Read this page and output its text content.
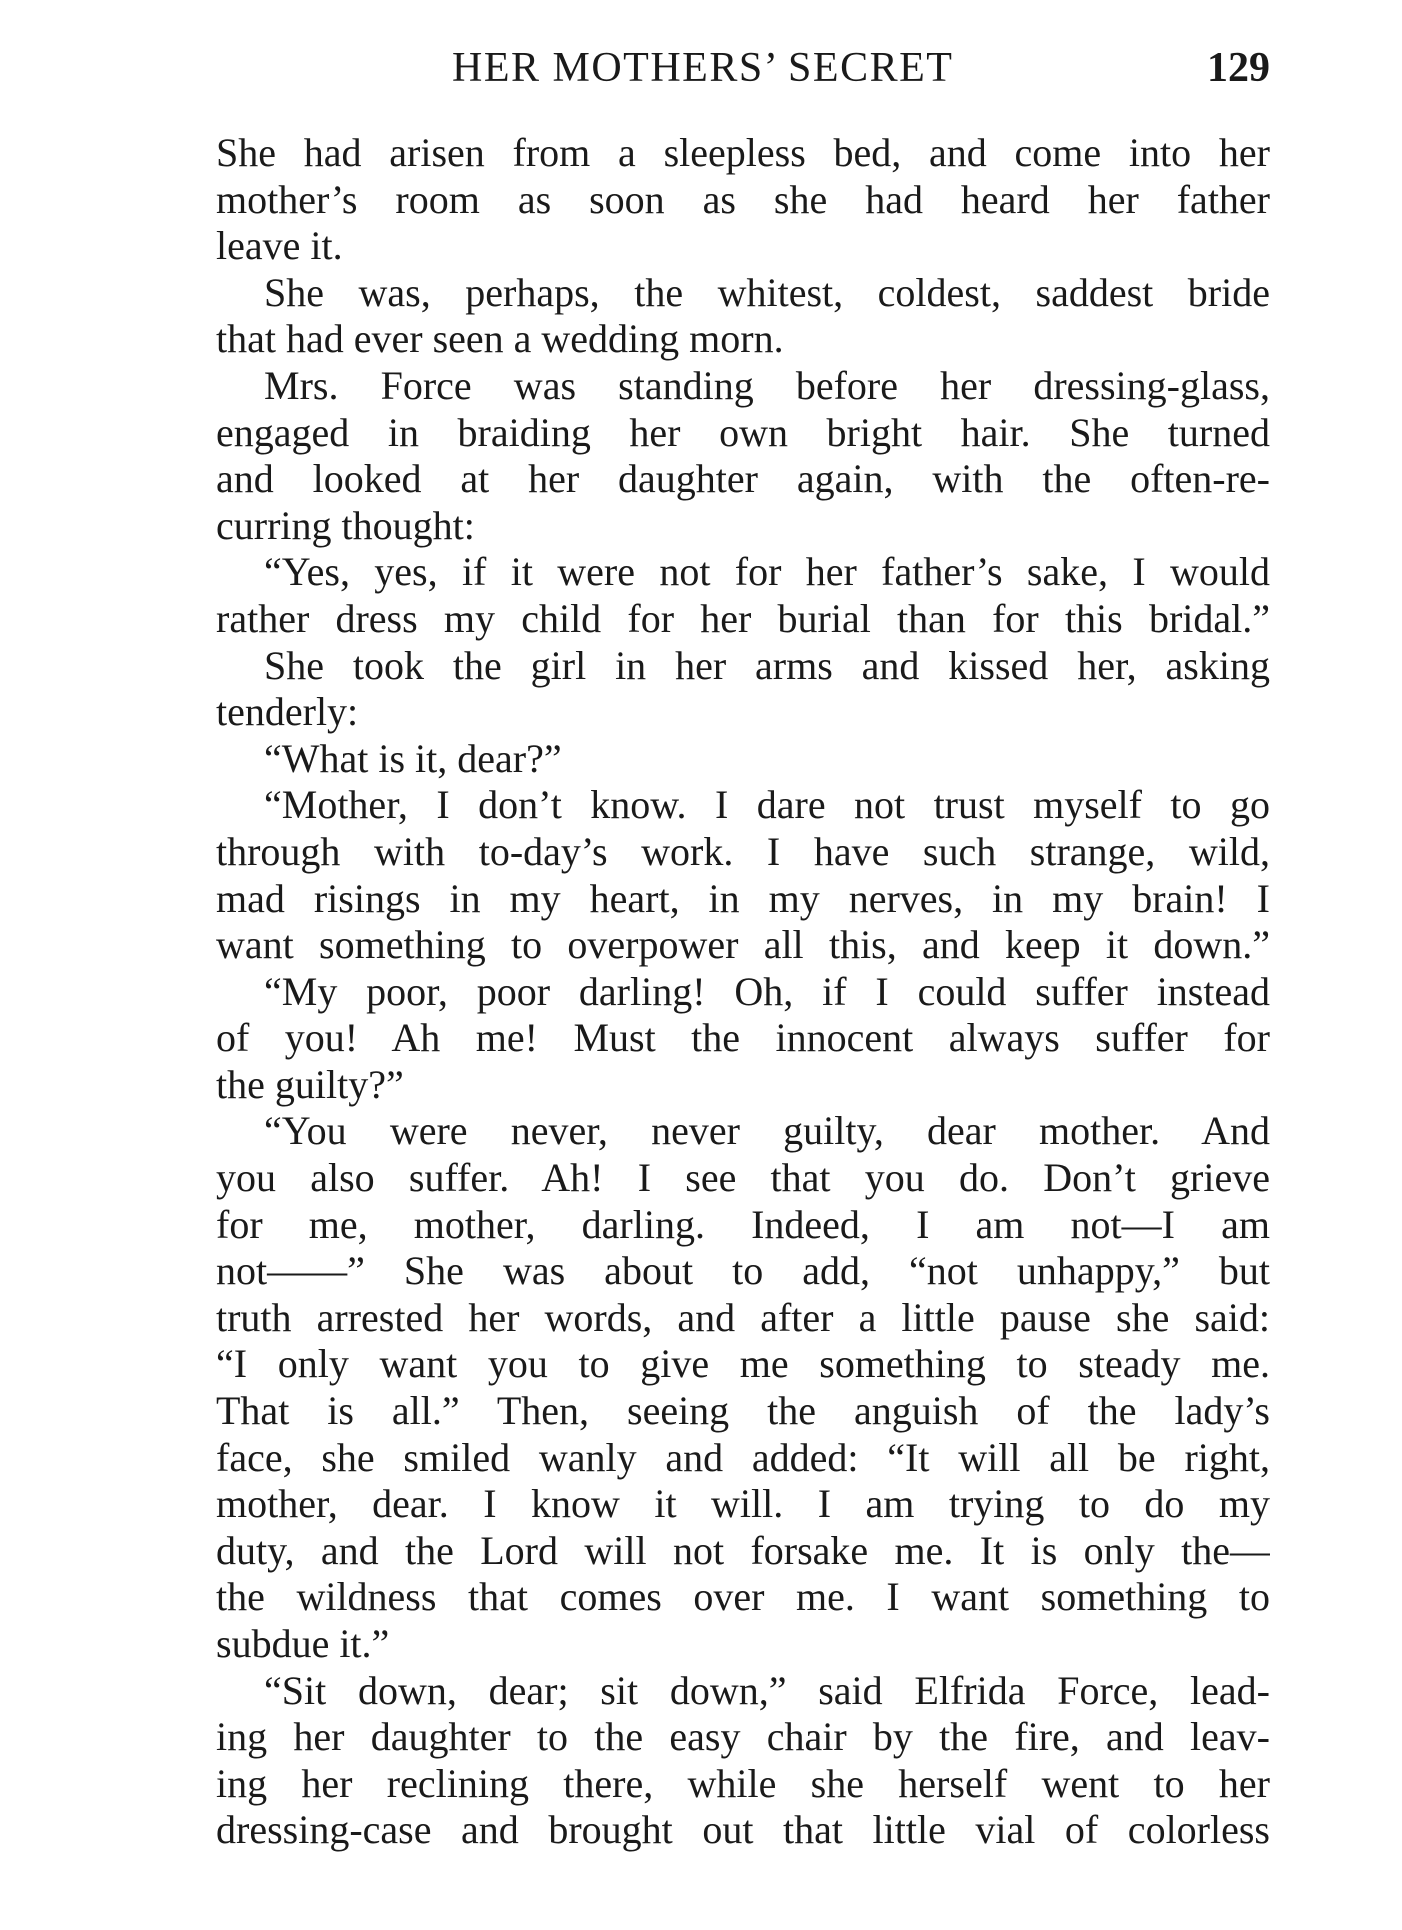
HER MOTHERS’ SECRET	129
She had arisen from a sleepless bed, and come into her
mother’s room as soon as she had heard her father
leave it.
She was, perhaps, the whitest, coldest, saddest bride
that had ever seen a wedding morn.
Mrs. Force was standing before her dressing-glass,
engaged in braiding her own bright hair. She turned
and looked at her daughter again, with the often-re-
curring thought:
“Yes, yes, if it were not for her father’s sake, I would
rather dress my child for her burial than for this bridal.”
She took the girl in her arms and kissed her, asking
tenderly:
“What is it, dear?”
“Mother, I don’t know. I dare not trust myself to go
through with to-day’s work. I have such strange, wild,
mad risings in my heart, in my nerves, in my brain! I
want something to overpower all this, and keep it down.”
“My poor, poor darling! Oh, if I could suffer instead
of you! Ah me! Must the innocent always suffer for
the guilty?”
“You were never, never guilty, dear mother. And
you also suffer. Ah! I see that you do. Don’t grieve
for me, mother, darling. Indeed, I am not—I am
not——” She was about to add, “not unhappy,” but
truth arrested her words, and after a little pause she said:
“I only want you to give me something to steady me.
That is all.” Then, seeing the anguish of the lady’s
face, she smiled wanly and added: “It will all be right,
mother, dear. I know it will. I am trying to do my
duty, and the Lord will not forsake me. It is only the—
the wildness that comes over me. I want something to
subdue it.”
“Sit down, dear; sit down,” said Elfrida Force, lead-
ing her daughter to the easy chair by the fire, and leav-
ing her reclining there, while she herself went to her
dressing-case and brought out that little vial of colorless
